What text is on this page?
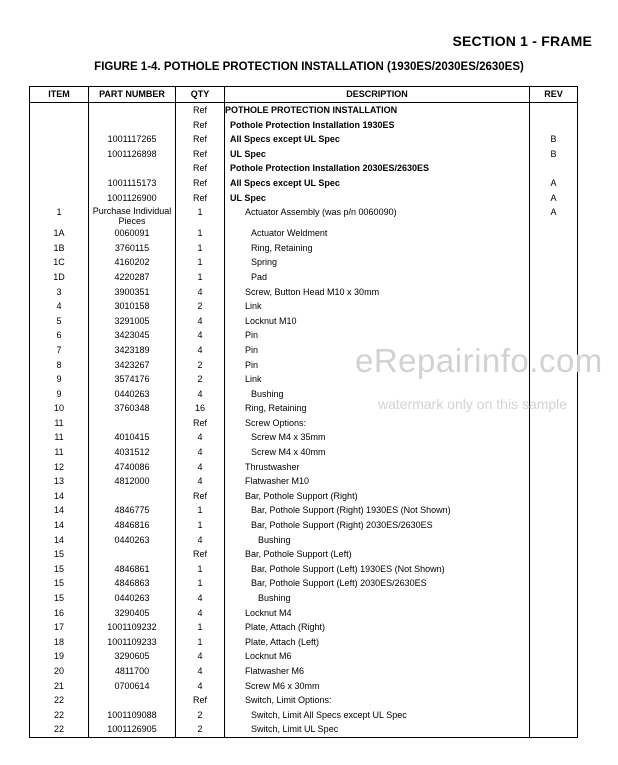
SECTION 1 - FRAME
FIGURE 1-4. POTHOLE PROTECTION INSTALLATION (1930ES/2030ES/2630ES)
ITEM	PART NUMBER	QTY	DESCRIPTION	REV
		Ref	POTHOLE PROTECTION INSTALLATION	
		Ref	Pothole Protection Installation 1930ES	
	1001117265	Ref	All Specs except UL Spec	B
	1001126898	Ref	UL Spec	B
		Ref	Pothole Protection Installation 2030ES/2630ES	
	1001115173	Ref	All Specs except UL Spec	A
	1001126900	Ref	UL Spec	A
1	Purchase Individual Pieces	1	Actuator Assembly (was p/n 0060090)	A
1A	0060091	1	Actuator Weldment	
1B	3760115	1	Ring, Retaining	
1C	4160202	1	Spring	
1D	4220287	1	Pad	
3	3900351	4	Screw, Button Head M10 x 30mm	
4	3010158	2	Link	
5	3291005	4	Locknut M10	
6	3423045	4	Pin	
7	3423189	4	Pin	
8	3423267	2	Pin	
9	3574176	2	Link	
9	0440263	4	Bushing	
10	3760348	16	Ring, Retaining	
11		Ref	Screw Options:	
11	4010415	4	Screw M4 x 35mm	
11	4031512	4	Screw M4 x 40mm	
12	4740086	4	Thrustwasher	
13	4812000	4	Flatwasher M10	
14		Ref	Bar, Pothole Support (Right)	
14	4846775	1	Bar, Pothole Support (Right) 1930ES (Not Shown)	
14	4846816	1	Bar, Pothole Support (Right) 2030ES/2630ES	
14	0440263	4	Bushing	
15		Ref	Bar, Pothole Support (Left)	
15	4846861	1	Bar, Pothole Support (Left) 1930ES (Not Shown)	
15	4846863	1	Bar, Pothole Support (Left) 2030ES/2630ES	
15	0440263	4	Bushing	
16	3290405	4	Locknut M4	
17	1001109232	1	Plate, Attach (Right)	
18	1001109233	1	Plate, Attach (Left)	
19	3290605	4	Locknut M6	
20	4811700	4	Flatwasher M6	
21	0700614	4	Screw M6 x 30mm	
22		Ref	Switch, Limit Options:	
22	1001109088	2	Switch, Limit All Specs except UL Spec	
22	1001126905	2	Switch, Limit UL Spec	
eRepairinfo.com
watermark only on this sample
